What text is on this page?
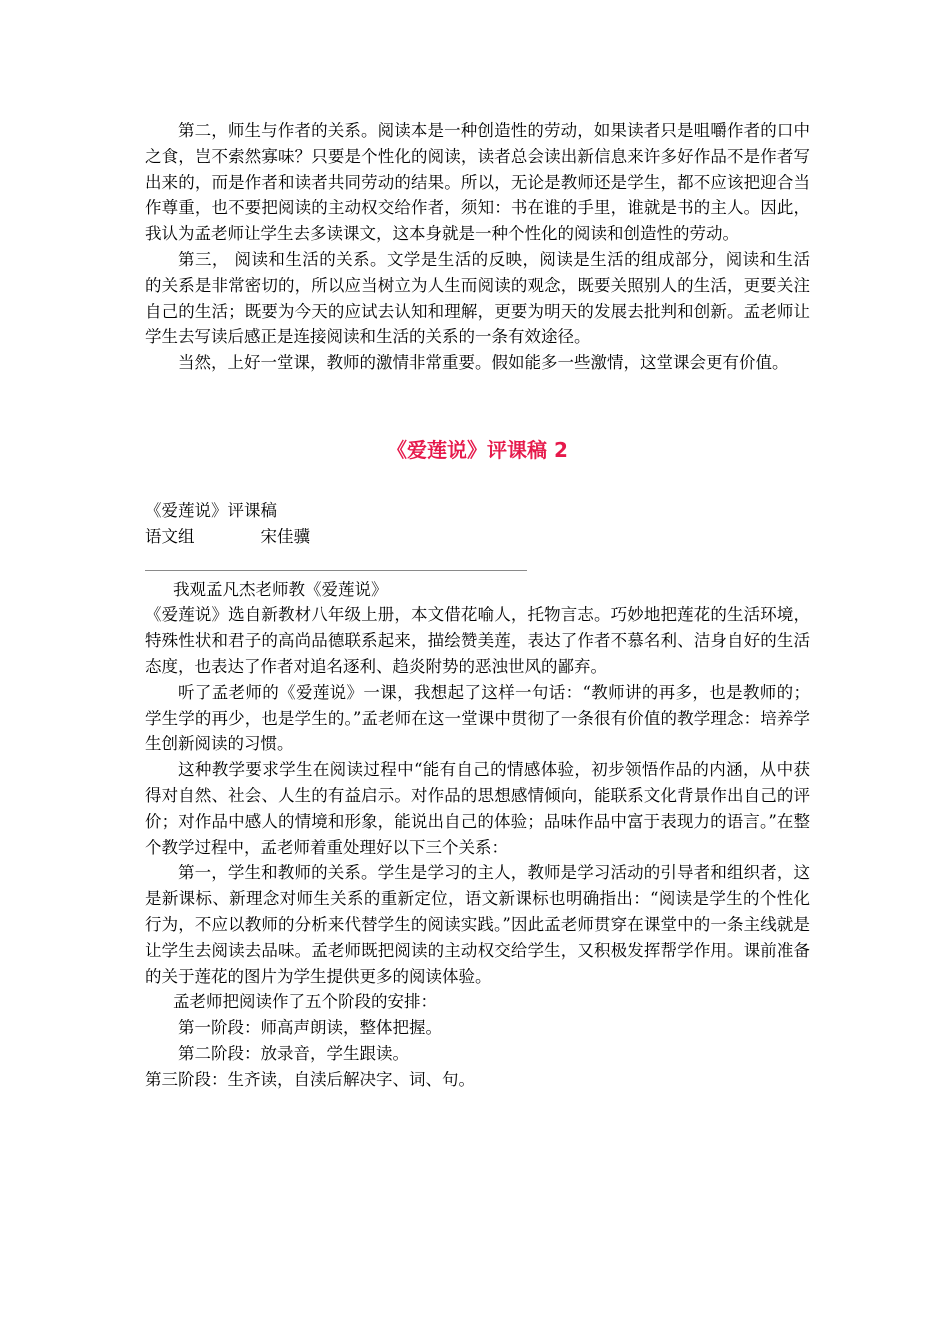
第二，师生与作者的关系。阅读本是一种创造性的劳动，如果读者只是咀嚼作者的口中之食，岂不索然寡味？只要是个性化的阅读，读者总会读出新信息来许多好作品不是作者写出来的，而是作者和读者共同劳动的结果。所以，无论是教师还是学生，都不应该把迎合当作尊重，也不要把阅读的主动权交给作者，须知：书在谁的手里，谁就是书的主人。因此，我认为孟老师让学生去多读课文，这本身就是一种个性化的阅读和创造性的劳动。

第三， 阅读和生活的关系。文学是生活的反映，阅读是生活的组成部分，阅读和生活的关系是非常密切的，所以应当树立为人生而阅读的观念，既要关照别人的生活，更要关注自己的生活；既要为今天的应试去认知和理解，更要为明天的发展去批判和创新。孟老师让学生去写读后感正是连接阅读和生活的关系的一条有效途径。

当然，上好一堂课，教师的激情非常重要。假如能多一些激情，这堂课会更有价值。

《爱莲说》评课稿 2

《爱莲说》评课稿

语文组	宋佳骥

我观孟凡杰老师教《爱莲说》

《爱莲说》选自新教材八年级上册，本文借花喻人，托物言志。巧妙地把莲花的生活环境，特殊性状和君子的高尚品德联系起来，描绘赞美莲，表达了作者不慕名利、洁身自好的生活态度，也表达了作者对追名逐利、趋炎附势的恶浊世风的鄙弃。

听了孟老师的《爱莲说》一课，我想起了这样一句话：“教师讲的再多，也是教师的；学生学的再少，也是学生的。”孟老师在这一堂课中贯彻了一条很有价值的教学理念：培养学生创新阅读的习惯。

这种教学要求学生在阅读过程中“能有自己的情感体验，初步领悟作品的内涵，从中获得对自然、社会、人生的有益启示。对作品的思想感情倾向，能联系文化背景作出自己的评价；对作品中感人的情境和形象，能说出自己的体验；品味作品中富于表现力的语言。”在整个教学过程中，孟老师着重处理好以下三个关系：

第一，学生和教师的关系。学生是学习的主人，教师是学习活动的引导者和组织者，这是新课标、新理念对师生关系的重新定位，语文新课标也明确指出：“阅读是学生的个性化行为，不应以教师的分析来代替学生的阅读实践。”因此孟老师贯穿在课堂中的一条主线就是让学生去阅读去品味。孟老师既把阅读的主动权交给学生，又积极发挥帮学作用。课前准备的关于莲花的图片为学生提供更多的阅读体验。

孟老师把阅读作了五个阶段的安排：

第一阶段：师高声朗读，整体把握。

第二阶段：放录音，学生跟读。

第三阶段：生齐读，自渎后解决字、词、句。
